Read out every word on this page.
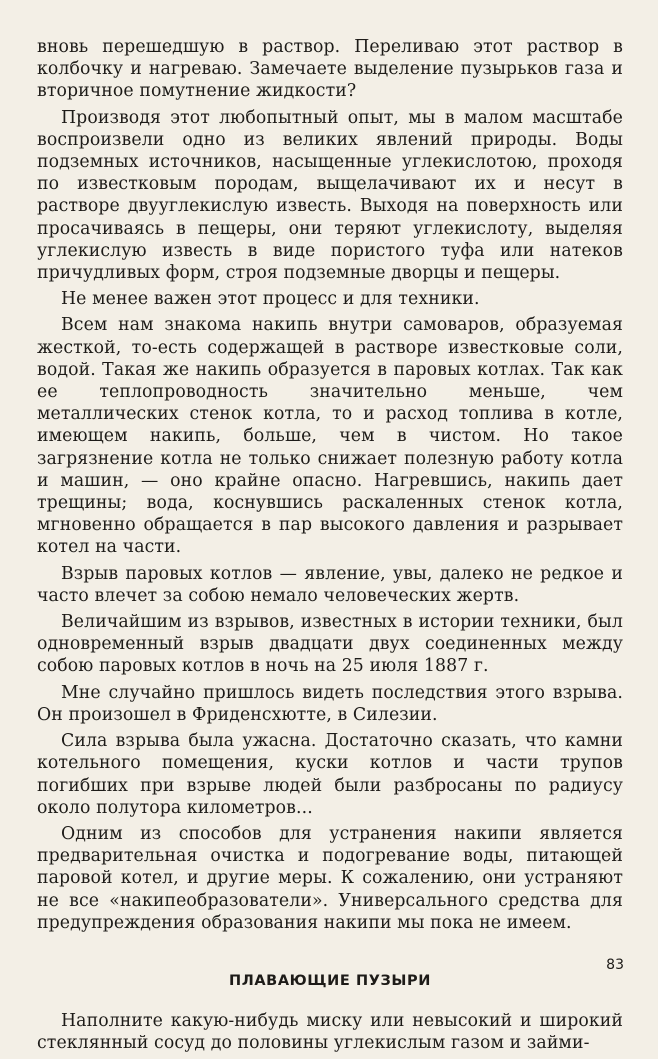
вновь перешедшую в раствор. Переливаю этот раствор в колбочку и нагреваю. Замечаете выделение пузырьков газа и вторичное помутнение жидкости?

Производя этот любопытный опыт, мы в малом масштабе воспроизвели одно из великих явлений природы. Воды подземных источников, насыщенные углекислотою, проходя по известковым породам, выщелачивают их и несут в растворе двууглекислую известь. Выходя на поверхность или просачиваясь в пещеры, они теряют углекислоту, выделяя углекислую известь в виде пористого туфа или натеков причудливых форм, строя подземные дворцы и пещеры.

Не менее важен этот процесс и для техники.

Всем нам знакома накипь внутри самоваров, образуемая жесткой, то-есть содержащей в растворе известковые соли, водой. Такая же накипь образуется в паровых котлах. Так как ее теплопроводность значительно меньше, чем металлических стенок котла, то и расход топлива в котле, имеющем накипь, больше, чем в чистом. Но такое загрязнение котла не только снижает полезную работу котла и машин, — оно крайне опасно. Нагревшись, накипь дает трещины; вода, коснувшись раскаленных стенок котла, мгновенно обращается в пар высокого давления и разрывает котел на части.

Взрыв паровых котлов — явление, увы, далеко не редкое и часто влечет за собою немало человеческих жертв.

Величайшим из взрывов, известных в истории техники, был одновременный взрыв двадцати двух соединенных между собою паровых котлов в ночь на 25 июля 1887 г.

Мне случайно пришлось видеть последствия этого взрыва. Он произошел в Фриденсхютте, в Силезии.

Сила взрыва была ужасна. Достаточно сказать, что камни котельного помещения, куски котлов и части трупов погибших при взрыве людей были разбросаны по радиусу около полутора километров...

Одним из способов для устранения накипи является предварительная очистка и подогревание воды, питающей паровой котел, и другие меры. К сожалению, они устраняют не все «накипеобразователи». Универсального средства для предупреждения образования накипи мы пока не имеем.

ПЛАВАЮЩИЕ ПУЗЫРИ

Наполните какую-нибудь миску или невысокий и широкий стеклянный сосуд до половины углекислым газом и займи-

83
